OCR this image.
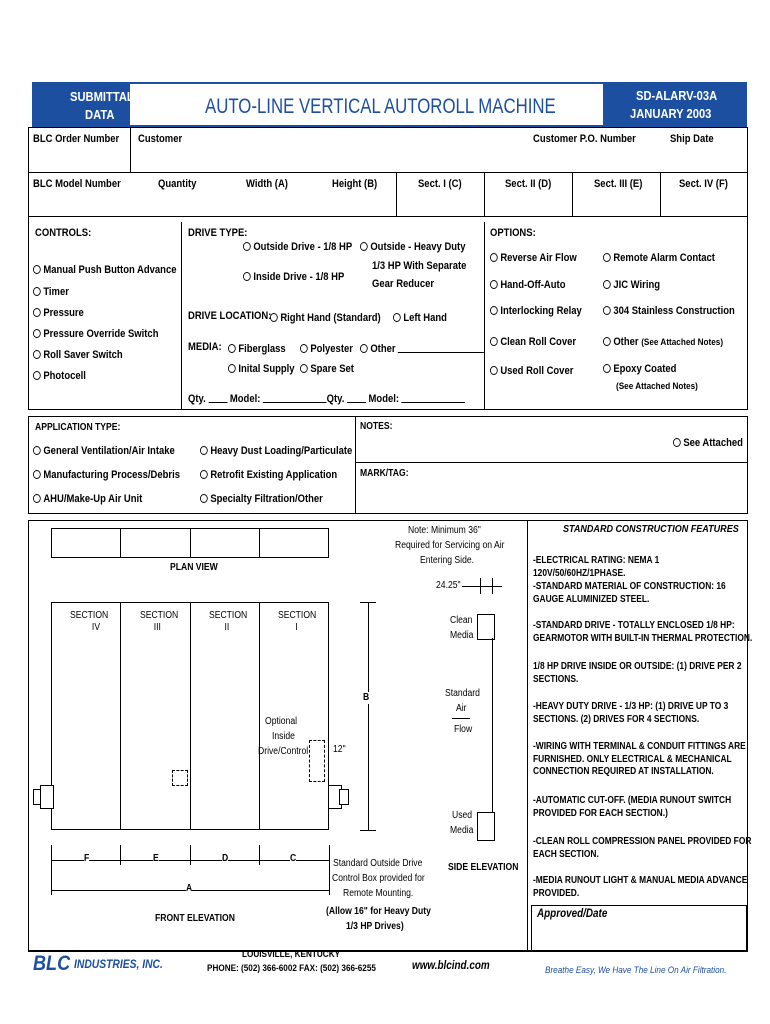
SUBMITTAL
DATA	AUTO-LINE VERTICAL AUTOROLL MACHINE	SD-ALARV-03A
JANUARY 2003
BLC Order Number Customer	Customer P.O. Number	Ship Date
BLC Model Number	Quantity	Width (A)	Height (B)	Sect. I (C)	Sect. II (D)	Sect. III (E)	Sect. IV (F)
CONTROLS:
Manual Push Button Advance
Timer
Pressure
Pressure Override Switch
Roll Saver Switch
Photocell
DRIVE TYPE:
Outside Drive - 1/8 HP	Outside - Heavy Duty
1/3 HP With Separate
Gear Reducer
Inside Drive - 1/8 HP
DRIVE LOCATION: Right Hand (Standard)	Left Hand
MEDIA:	Fiberglass	Polyester	Other
Inital Supply	Spare Set
Qty. Model:	Qty. Model:
OPTIONS:
Reverse Air Flow	Remote Alarm Contact
Hand-Off-Auto	JIC Wiring
Interlocking Relay	304 Stainless Construction
Clean Roll Cover	Other (See Attached Notes)
Used Roll Cover	Epoxy Coated
(See Attached Notes)
APPLICATION TYPE:
General Ventilation/Air Intake	Heavy Dust Loading/Particulate
Manufacturing Process/Debris	Retrofit Existing Application
AHU/Make-Up Air Unit	Specialty Filtration/Other
NOTES:
See Attached
MARK/TAG:
PLAN VIEW
Note: Minimum 36"
Required for Servicing on Air
Entering Side.
SECTION
IV
SECTION
III
SECTION
II
SECTION
I
Optional
Inside
Drive/Control 12"
B
F	E	D	C
A
FRONT ELEVATION
Standard Outside Drive
Control Box provided for
Remote Mounting.
(Allow 16" for Heavy Duty
1/3 HP Drives)
24.25"
Clean
Media
Standard
Air
Flow
Used
Media
SIDE ELEVATION
STANDARD CONSTRUCTION FEATURES
-ELECTRICAL RATING: NEMA 1 120V/50/60HZ/1PHASE.
-STANDARD MATERIAL OF CONSTRUCTION: 16 GAUGE ALUMINIZED STEEL.
-STANDARD DRIVE - TOTALLY ENCLOSED 1/8 HP: GEARMOTOR WITH BUILT-IN THERMAL PROTECTION.
1/8 HP DRIVE INSIDE OR OUTSIDE: (1) DRIVE PER 2 SECTIONS.
-HEAVY DUTY DRIVE - 1/3 HP: (1) DRIVE UP TO 3 SECTIONS. (2) DRIVES FOR 4 SECTIONS.
-WIRING WITH TERMINAL & CONDUIT FITTINGS ARE FURNISHED. ONLY ELECTRICAL & MECHANICAL CONNECTION REQUIRED AT INSTALLATION.
-AUTOMATIC CUT-OFF. (MEDIA RUNOUT SWITCH PROVIDED FOR EACH SECTION.)
-CLEAN ROLL COMPRESSION PANEL PROVIDED FOR EACH SECTION.
-MEDIA RUNOUT LIGHT & MANUAL MEDIA ADVANCE PROVIDED.
Approved/Date
BLC INDUSTRIES, INC.
LOUISVILLE, KENTUCKY
PHONE: (502) 366-6002 FAX: (502) 366-6255	www.blcind.com	Breathe Easy, We Have The Line On Air Filtration.
